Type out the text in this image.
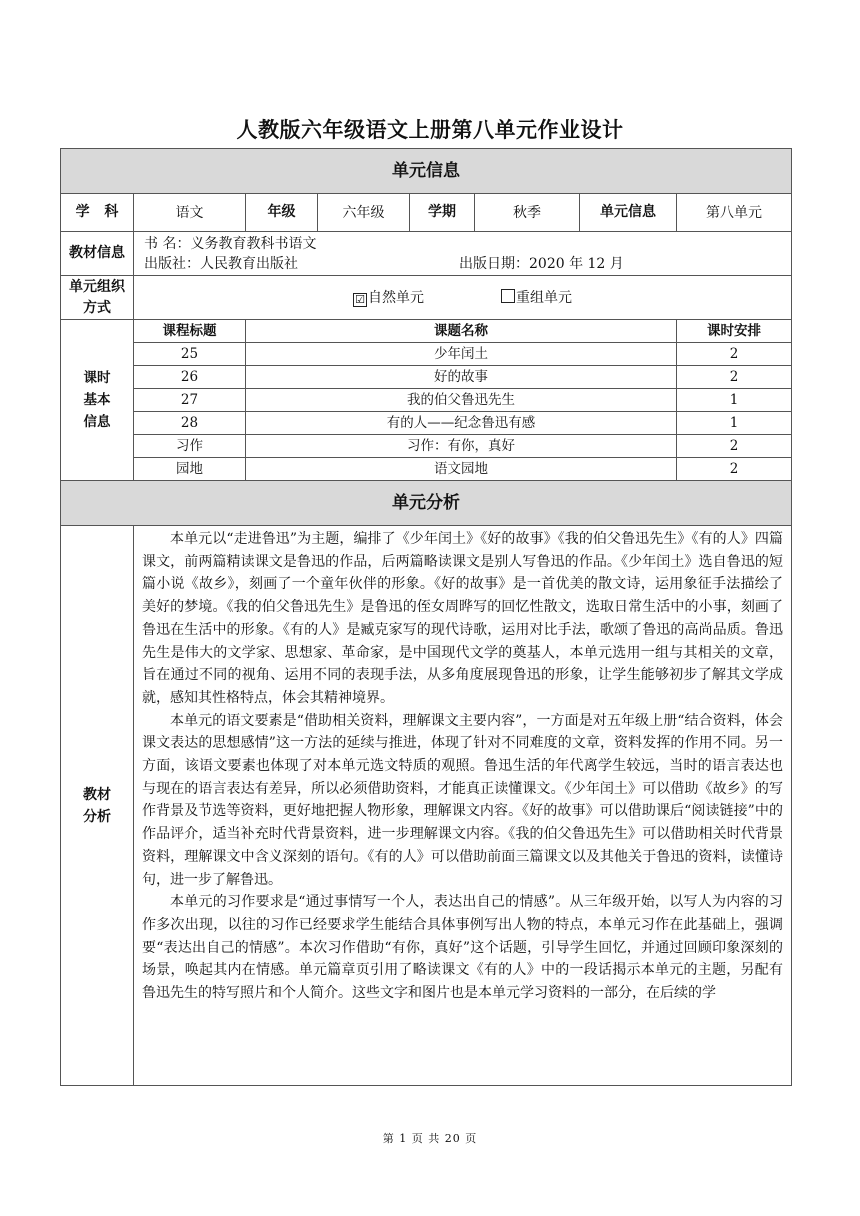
人教版六年级语文上册第八单元作业设计
单元信息							
学 科	语文	年级	六年级	学期	秋季	单元信息	第八单元
教材信息	书 名：义务教育教科书语文
出版社：人民教育出版社 出版日期：2020 年 12 月						

单元组织方式	☑ 自然单元 重组单元						
课时基本信息	课程标题	课题名称					课时安排
	25	少年闰土					2
	26	好的故事					2
	27	我的伯父鲁迅先生					1
	28	有的人——纪念鲁迅有感					1
	习作	习作：有你，真好					2
	园地	语文园地					2
单元分析							
教材分析	本单元以“走进鲁迅”为主题，编排了《少年闰土》《好的故事》《我的伯父鲁迅先生》《有的人》四篇课文，前两篇精读课文是鲁迅的作品，后两篇略读课文是别人写鲁迅的作品。《少年闰土》选自鲁迅的短篇小说《故乡》，刻画了一个童年伙伴的形象。《好的故事》是一首优美的散文诗，运用象征手法描绘了美好的梦境。《我的伯父鲁迅先生》是鲁迅的侄女周晔写的回忆性散文，选取日常生活中的小事，刻画了鲁迅在生活中的形象。《有的人》是臧克家写的现代诗歌，运用对比手法，歌颂了鲁迅的高尚品质。鲁迅先生是伟大的文学家、思想家、革命家，是中国现代文学的奠基人，本单元选用一组与其相关的文章，旨在通过不同的视角、运用不同的表现手法，从多角度展现鲁迅的形象，让学生能够初步了解其文学成就，感知其性格特点，体会其精神境界。

本单元的语文要素是“借助相关资料，理解课文主要内容”，一方面是对五年级上册“结合资料，体会课文表达的思想感情”这一方法的延续与推进，体现了针对不同难度的文章，资料发挥的作用不同。另一方面，该语文要素也体现了对本单元选文特质的观照。鲁迅生活的年代离学生较远，当时的语言表达也与现在的语言表达有差异，所以必须借助资料，才能真正读懂课文。《少年闰土》可以借助《故乡》的写作背景及节选等资料，更好地把握人物形象，理解课文内容。《好的故事》可以借助课后“阅读链接”中的作品评介，适当补充时代背景资料，进一步理解课文内容。《我的伯父鲁迅先生》可以借助相关时代背景资料，理解课文中含义深刻的语句。《有的人》可以借助前面三篇课文以及其他关于鲁迅的资料，读懂诗句，进一步了解鲁迅。

本单元的习作要求是“通过事情写一个人，表达出自己的情感”。从三年级开始，以写人为内容的习作多次出现，以往的习作已经要求学生能结合具体事例写出人物的特点，本单元习作在此基础上，强调要“表达出自己的情感”。本次习作借助“有你，真好”这个话题，引导学生回忆，并通过回顾印象深刻的场景，唤起其内在情感。单元篇章页引用了略读课文《有的人》中的一段话揭示本单元的主题，另配有鲁迅先生的特写照片和个人简介。这些文字和图片也是本单元学习资料的一部分，在后续的学						

第 1 页 共 20 页
